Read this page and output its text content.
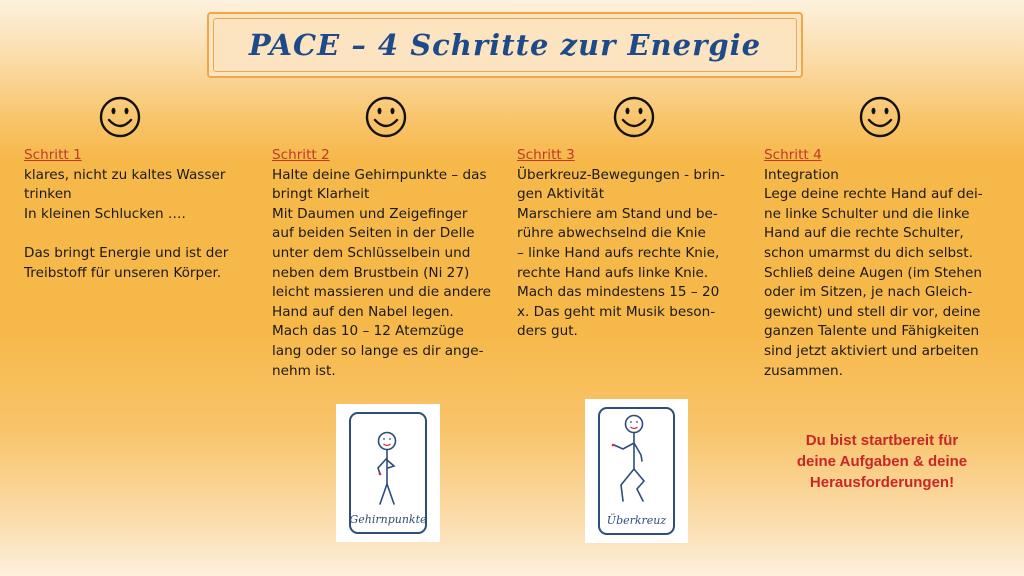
PACE – 4 Schritte zur Energie
Schritt 1
klares, nicht zu kaltes Wasser
trinken
In kleinen Schlucken ….
Das bringt Energie und ist der
Treibstoff für unseren Körper.
Schritt 2
Halte deine Gehirnpunkte – das
bringt Klarheit
Mit Daumen und Zeigefinger
auf beiden Seiten in der Delle
unter dem Schlüsselbein und
neben dem Brustbein (Ni 27)
leicht massieren und die andere
Hand auf den Nabel legen.
Mach das 10 – 12 Atemzüge
lang oder so lange es dir ange-
nehm ist.
Schritt 3
Überkreuz-Bewegungen - brin-
gen Aktivität
Marschiere am Stand und be-
rühre abwechselnd die Knie
– linke Hand aufs rechte Knie,
rechte Hand aufs linke Knie.
Mach das mindestens 15 – 20
x. Das geht mit Musik beson-
ders gut.
Schritt 4
Integration
Lege deine rechte Hand auf dei-
ne linke Schulter und die linke
Hand auf die rechte Schulter,
schon umarmst du dich selbst.
Schließ deine Augen (im Stehen
oder im Sitzen, je nach Gleich-
gewicht) und stell dir vor, deine
ganzen Talente und Fähigkeiten
sind jetzt aktiviert und arbeiten
zusammen.
Gehirnpunkte	Überkreuz
Du bist startbereit für
deine Aufgaben & deine
Herausforderungen!
